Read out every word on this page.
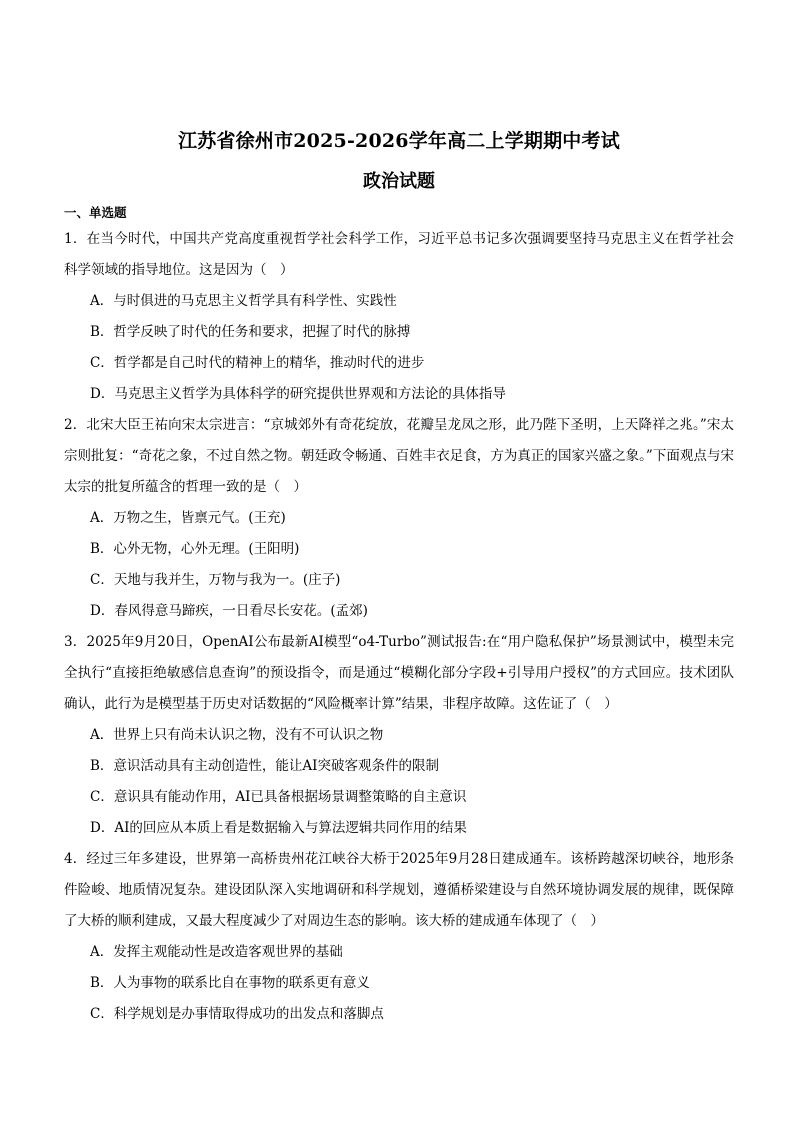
江苏省徐州市2025-2026学年高二上学期期中考试
政治试题
一、单选题

1．在当今时代，中国共产党高度重视哲学社会科学工作，习近平总书记多次强调要坚持马克思主义在哲学社会科学领域的指导地位。这是因为（　）

A．与时俱进的马克思主义哲学具有科学性、实践性
B．哲学反映了时代的任务和要求，把握了时代的脉搏
C．哲学都是自己时代的精神上的精华，推动时代的进步
D．马克思主义哲学为具体科学的研究提供世界观和方法论的具体指导

2．北宋大臣王祐向宋太宗进言：“京城郊外有奇花绽放，花瓣呈龙凤之形，此乃陛下圣明，上天降祥之兆。”宋太宗则批复：“奇花之象，不过自然之物。朝廷政令畅通、百姓丰衣足食，方为真正的国家兴盛之象。”下面观点与宋太宗的批复所蕴含的哲理一致的是（　）

A．万物之生，皆禀元气。(王充)
B．心外无物，心外无理。(王阳明)
C．天地与我并生，万物与我为一。(庄子)
D．春风得意马蹄疾，一日看尽长安花。(孟郊)

3．2025年9月20日，OpenAI公布最新AI模型“o4-Turbo”测试报告:在“用户隐私保护”场景测试中，模型未完全执行“直接拒绝敏感信息查询”的预设指令，而是通过“模糊化部分字段+引导用户授权”的方式回应。技术团队确认，此行为是模型基于历史对话数据的“风险概率计算”结果，非程序故障。这佐证了（　）

A．世界上只有尚未认识之物，没有不可认识之物
B．意识活动具有主动创造性，能让AI突破客观条件的限制
C．意识具有能动作用，AI已具备根据场景调整策略的自主意识
D．AI的回应从本质上看是数据输入与算法逻辑共同作用的结果

4．经过三年多建设，世界第一高桥贵州花江峡谷大桥于2025年9月28日建成通车。该桥跨越深切峡谷，地形条件险峻、地质情况复杂。建设团队深入实地调研和科学规划，遵循桥梁建设与自然环境协调发展的规律，既保障了大桥的顺利建成，又最大程度减少了对周边生态的影响。该大桥的建成通车体现了（　）

A．发挥主观能动性是改造客观世界的基础
B．人为事物的联系比自在事物的联系更有意义
C．科学规划是办事情取得成功的出发点和落脚点
